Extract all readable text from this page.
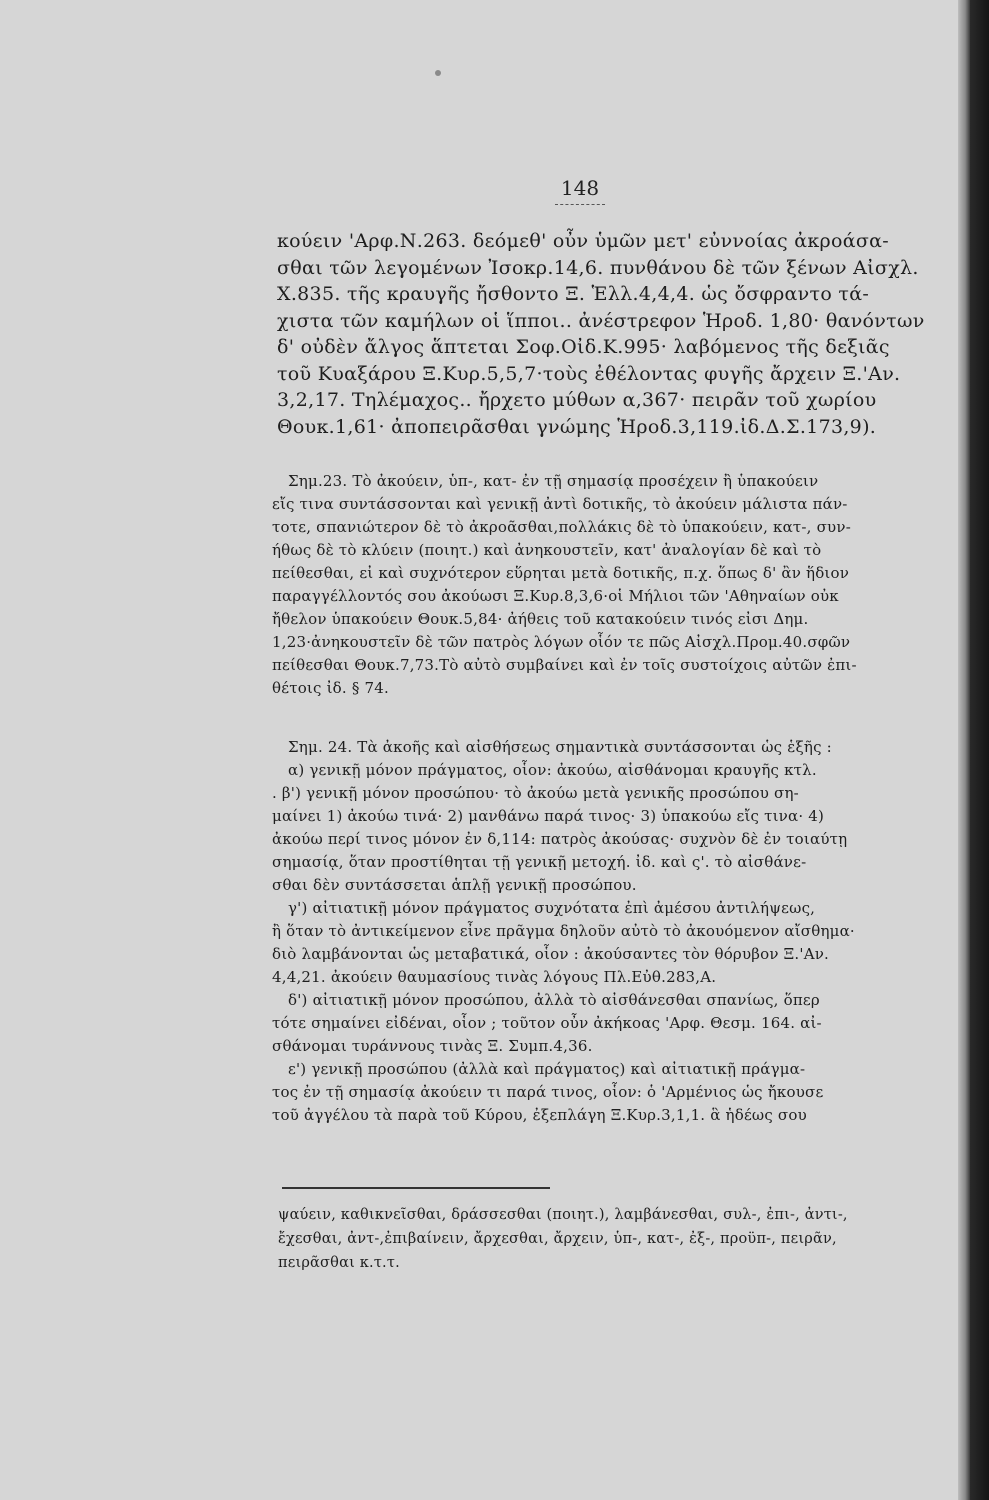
148
κούειν 'Αρφ.Ν.263. δεόμεθ' οὖν ὑμῶν μετ' εὐννοίας ἀκροάσα-
σθαι τῶν λεγομένων Ἰσοκρ.14,6. πυνθάνου δὲ τῶν ξένων Αἰσχλ.
Χ.835. τῆς κραυγῆς ἤσθοντο Ξ. Ἑλλ.4,4,4. ὡς ὄσφραντο τά-
χιστα τῶν καμήλων οἱ ἵπποι.. ἀνέστρεφον Ἡροδ. 1,80· θανόντων
δ' οὐδὲν ἄλγος ἅπτεται Σοφ.Οἰδ.Κ.995· λαβόμενος τῆς δεξιᾶς
τοῦ Κυαξάρου Ξ.Κυρ.5,5,7·τοὺς ἐθέλοντας φυγῆς ἄρχειν Ξ.'Αν.
3,2,17. Τηλέμαχος.. ἤρχετο μύθων α,367· πειρᾶν τοῦ χωρίου
Θουκ.1,61· ἀποπειρᾶσθαι γνώμης Ἡροδ.3,119.ἰδ.Δ.Σ.173,9).
Σημ.23. Τὸ ἀκούειν, ὑπ-, κατ- ἐν τῇ σημασίᾳ προσέχειν ἢ ὑπακούειν
εἴς τινα συντάσσονται καὶ γενικῇ ἀντὶ δοτικῆς, τὸ ἀκούειν μάλιστα πάν-
τοτε, σπανιώτερον δὲ τὸ ἀκροᾶσθαι,πολλάκις δὲ τὸ ὑπακούειν, κατ-, συν-
ήθως δὲ τὸ κλύειν (ποιητ.) καὶ ἀνηκουστεῖν, κατ' ἀναλογίαν δὲ καὶ τὸ
πείθεσθαι, εἰ καὶ συχνότερον εὕρηται μετὰ δοτικῆς, π.χ. ὅπως δ' ἂν ἥδιον
παραγγέλλοντός σου ἀκούωσι Ξ.Κυρ.8,3,6·οἱ Μήλιοι τῶν 'Αθηναίων οὐκ
ἤθελον ὑπακούειν Θουκ.5,84· ἀήθεις τοῦ κατακούειν τινός εἰσι Δημ.
1,23·ἀνηκουστεῖν δὲ τῶν πατρὸς λόγων οἷόν τε πῶς Αἰσχλ.Προμ.40.σφῶν
πείθεσθαι Θουκ.7,73.Τὸ αὐτὸ συμβαίνει καὶ ἐν τοῖς συστοίχοις αὐτῶν ἐπι-
θέτοις ἰδ. § 74.
Σημ. 24. Τὰ ἀκοῆς καὶ αἰσθήσεως σημαντικὰ συντάσσονται ὡς ἑξῆς :
α) γενικῇ μόνον πράγματος, οἷον: ἀκούω, αἰσθάνομαι κραυγῆς κτλ.
. β') γενικῇ μόνον προσώπου· τὸ ἀκούω μετὰ γενικῆς προσώπου ση-
μαίνει 1) ἀκούω τινά· 2) μανθάνω παρά τινος· 3) ὑπακούω εἴς τινα· 4)
ἀκούω περί τινος μόνον ἐν δ,114: πατρὸς ἀκούσας· συχνὸν δὲ ἐν τοιαύτῃ
σημασίᾳ, ὅταν προστίθηται τῇ γενικῇ μετοχή. ἰδ. καὶ ς'. τὸ αἰσθάνε-
σθαι δὲν συντάσσεται ἁπλῇ γενικῇ προσώπου.
γ') αἰτιατικῇ μόνον πράγματος συχνότατα ἐπὶ ἀμέσου ἀντιλήψεως,
ἢ ὅταν τὸ ἀντικείμενον εἶνε πρᾶγμα δηλοῦν αὐτὸ τὸ ἀκουόμενον αἴσθημα·
διὸ λαμβάνονται ὡς μεταβατικά, οἷον : ἀκούσαντες τὸν θόρυβον Ξ.'Αν.
4,4,21. ἀκούειν θαυμασίους τινὰς λόγους Πλ.Εὐθ.283,Α.
δ') αἰτιατικῇ μόνον προσώπου, ἀλλὰ τὸ αἰσθάνεσθαι σπανίως, ὅπερ
τότε σημαίνει εἰδέναι, οἷον ; τοῦτον οὖν ἀκήκοας 'Αρφ. Θεσμ. 164. αἰ-
σθάνομαι τυράννους τινὰς Ξ. Συμπ.4,36.
ε') γενικῇ προσώπου (ἀλλὰ καὶ πράγματος) καὶ αἰτιατικῇ πράγμα-
τος ἐν τῇ σημασίᾳ ἀκούειν τι παρά τινος, οἷον: ὁ 'Αρμένιος ὡς ἤκουσε
τοῦ ἀγγέλου τὰ παρὰ τοῦ Κύρου, ἐξεπλάγη Ξ.Κυρ.3,1,1. ἃ ἡδέως σου
ψαύειν, καθικνεῖσθαι, δράσσεσθαι (ποιητ.), λαμβάνεσθαι, συλ-, ἐπι-, ἀντι-,
ἔχεσθαι, ἀντ-,ἐπιβαίνειν, ἄρχεσθαι, ἄρχειν, ὑπ-, κατ-, ἐξ-, προϋπ-, πειρᾶν,
πειρᾶσθαι κ.τ.τ.
